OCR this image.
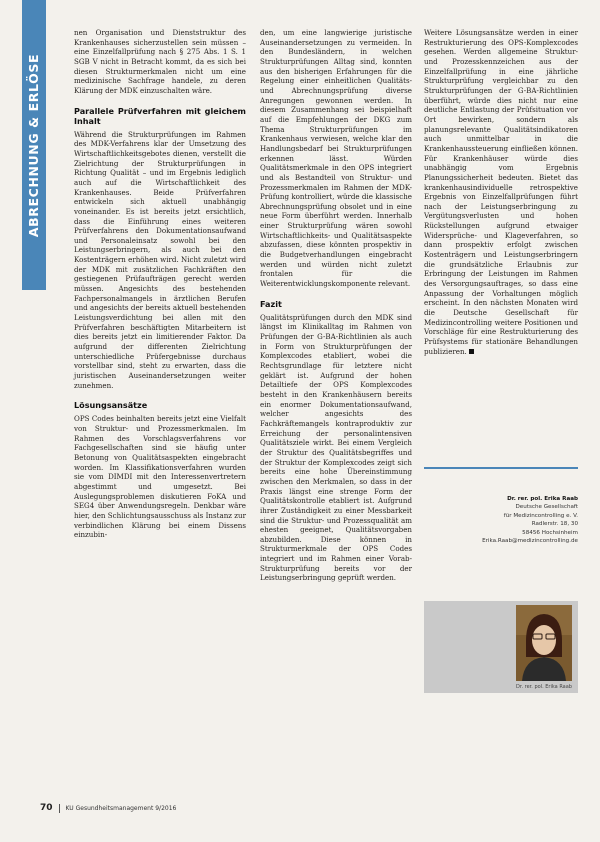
ABRECHNUNG & ERLÖSE

nen Organisation und Dienststruktur des Krankenhauses sicherzustellen sein müssen – eine Einzelfallprüfung nach § 275 Abs. 1 S. 1 SGB V nicht in Betracht kommt, da es sich bei diesen Strukturmerkmalen nicht um eine medizinische Sachfrage handele, zu deren Klärung der MDK einzuschalten wäre.

Parallele Prüfverfahren mit gleichem Inhalt

Während die Strukturprüfungen im Rahmen des MDK-Verfahrens klar der Umsetzung des Wirtschaftlichkeitsgebotes dienen, verstellt die Zielrichtung der Strukturprüfungen in Richtung Qualität – und im Ergebnis lediglich auch auf die Wirtschaftlichkeit des Krankenhauses. Beide Prüfverfahren entwickeln sich aktuell unabhängig voneinander. Es ist bereits jetzt ersichtlich, dass die Einführung eines weiteren Prüfverfahrens den Dokumentationsaufwand und Personaleinsatz sowohl bei den Leistungserbringern, als auch bei den Kostenträgern erhöhen wird. Nicht zuletzt wird der MDK mit zusätzlichen Fachkräften den gestiegenen Prüfaufträgen gerecht werden müssen. Angesichts des bestehenden Fachpersonalmangels in ärztlichen Berufen und angesichts der bereits aktuell bestehenden Leistungsverdichtung bei allen mit den Prüfverfahren beschäftigten Mitarbeitern ist dies bereits jetzt ein limitierender Faktor. Da aufgrund der differenten Zielrichtung unterschiedliche Prüfergebnisse durchaus vorstellbar sind, steht zu erwarten, dass die juristischen Auseinandersetzungen weiter zunehmen.

Lösungsansätze

OPS Codes beinhalten bereits jetzt eine Vielfalt von Struktur- und Prozessmerkmalen. Im Rahmen des Vorschlagsverfahrens vor Fachgesellschaften sind sie häufig unter Betonung von Qualitätsaspekten eingebracht worden. Im Klassifikationsverfahren wurden sie vom DIMDI mit den Interessenvertretern abgestimmt und umgesetzt. Bei Auslegungsproblemen diskutieren FoKA und SEG4 über Anwendungsregeln. Denkbar wäre hier, den Schlichtungsausschuss als Instanz zur verbindlichen Klärung bei einem Dissens einzubin-

den, um eine langwierige juristische Auseinandersetzungen zu vermeiden. In den Bundesländern, in welchen Strukturprüfungen Alltag sind, konnten aus den bisherigen Erfahrungen für die Regelung einer einheitlichen Qualitäts- und Abrechnungsprüfung diverse Anregungen gewonnen werden. In diesem Zusammenhang sei beispielhaft auf die Empfehlungen der DKG zum Thema Strukturprüfungen im Krankenhaus verwiesen, welche klar den Handlungsbedarf bei Strukturprüfungen erkennen lässt. Würden Qualitätsmerkmale in den OPS integriert und als Bestandteil von Struktur- und Prozessmerkmalen im Rahmen der MDK-Prüfung kontrolliert, würde die klassische Abrechnungsprüfung obsolet und in eine neue Form überführt werden. Innerhalb einer Strukturprüfung wären sowohl Wirtschaftlichkeits- und Qualitätsaspekte abzufassen, diese könnten prospektiv in die Budgetverhandlungen eingebracht werden und würden nicht zuletzt frontalen für die Weiterentwicklungskomponente relevant.

Fazit

Qualitätsprüfungen durch den MDK sind längst im Klinikalltag im Rahmen von Prüfungen der G-BA-Richtlinien als auch in Form von Strukturprüfungen der Komplexcodes etabliert, wobei die Rechtsgrundlage für letztere nicht geklärt ist. Aufgrund der hohen Detailtiefe der OPS Komplexcodes besteht in den Krankenhäusern bereits ein enormer Dokumentationsaufwand, welcher angesichts des Fachkräftemangels kontraproduktiv zur Erreichung der personalintensiven Qualitätsziele wirkt. Bei einem Vergleich der Struktur des Qualitätsbegriffes und der Struktur der Komplexcodes zeigt sich bereits eine hohe Übereinstimmung zwischen den Merkmalen, so dass in der Praxis längst eine strenge Form der Qualitätskontrolle etabliert ist. Aufgrund ihrer Zuständigkeit zu einer Messbarkeit sind die Struktur- und Prozessqualität am ehesten geeignet, Qualitätsvorgaben abzubilden. Diese können in Strukturmerkmale der OPS Codes integriert und im Rahmen einer Vorab-Strukturprüfung bereits vor der Leistungserbringung geprüft werden.

Weitere Lösungsansätze werden in einer Restrukturierung des OPS-Komplexcodes gesehen. Werden allgemeine Struktur- und Prozesskennzeichen aus der Einzelfallprüfung in eine jährliche Strukturprüfung vergleichbar zu den Strukturprüfungen der G-BA-Richtlinien überführt, würde dies nicht nur eine deutliche Entlastung der Prüfsituation vor Ort bewirken, sondern als planungsrelevante Qualitätsindikatoren auch unmittelbar in die Krankenhaussteuerung einfließen können. Für Krankenhäuser würde dies unabhängig vom Ergebnis Planungssicherheit bedeuten. Bietet das krankenhausindividuelle retrospektive Ergebnis von Einzelfallprüfungen führt nach der Leistungserbringung zu Vergütungsverlusten und hohen Rückstellungen aufgrund etwaiger Widersprüche- und Klageverfahren, so dann prospektiv erfolgt zwischen Kostenträgern und Leistungserbringern die grundsätzliche Erlaubnis zur Erbringung der Leistungen im Rahmen des Versorgungsauftrages, so dass eine Anpassung der Vorhaltungen möglich erscheint. In den nächsten Monaten wird die Deutsche Gesellschaft für Medizincontrolling weitere Positionen und Vorschläge für eine Restrukturierung des Prüfsystems für stationäre Behandlungen publizieren.

Dr. rer. pol. Erika Raab
Deutsche Gesellschaft
für Medizincontrolling e. V.
Radlerstr. 18, 30
58456 Hochsinheim
Erika.Raab@medizincontrolling.de
Dr. rer. pol. Erika Raab
70 KU Gesundheitsmanagement 9/2016
